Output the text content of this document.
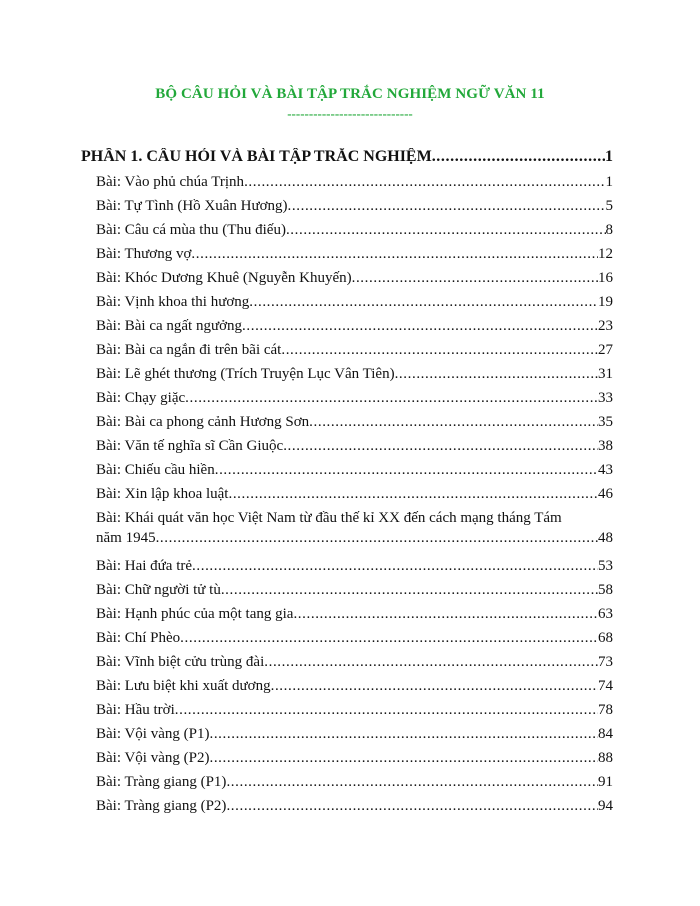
BỘ CÂU HỎI VÀ BÀI TẬP TRẮC NGHIỆM NGỮ VĂN 11
-----------------------------
PHẦN 1. CÂU HỎI VÀ BÀI TẬP TRẮC NGHIỆM .....	1
Bài: Vào phủ chúa Trịnh .....	1
Bài: Tự Tình (Hồ Xuân Hương) .....	5
Bài: Câu cá mùa thu (Thu điếu) .....	8
Bài: Thương vợ .....	12
Bài: Khóc Dương Khuê (Nguyễn Khuyến) .....	16
Bài: Vịnh khoa thi hương .....	19
Bài: Bài ca ngất ngưởng .....	23
Bài: Bài ca ngắn đi trên bãi cát .....	27
Bài: Lẽ ghét thương (Trích Truyện Lục Vân Tiên) .....	31
Bài: Chạy giặc .....	33
Bài: Bài ca phong cảnh Hương Sơn .....	35
Bài: Văn tế nghĩa sĩ Cần Giuộc .....	38
Bài: Chiếu cầu hiền .....	43
Bài: Xin lập khoa luật .....	46
Bài: Khái quát văn học Việt Nam từ đầu thế kỉ XX đến cách mạng tháng Tám
năm 1945 .....	48
Bài: Hai đứa trẻ .....	53
Bài: Chữ người tử tù .....	58
Bài: Hạnh phúc của một tang gia .....	63
Bài: Chí Phèo .....	68
Bài: Vĩnh biệt cửu trùng đài .....	73
Bài: Lưu biệt khi xuất dương .....	74
Bài: Hầu trời .....	78
Bài: Vội vàng (P1) .....	84
Bài: Vội vàng (P2) .....	88
Bài: Tràng giang (P1) .....	91
Bài: Tràng giang (P2) .....	94
